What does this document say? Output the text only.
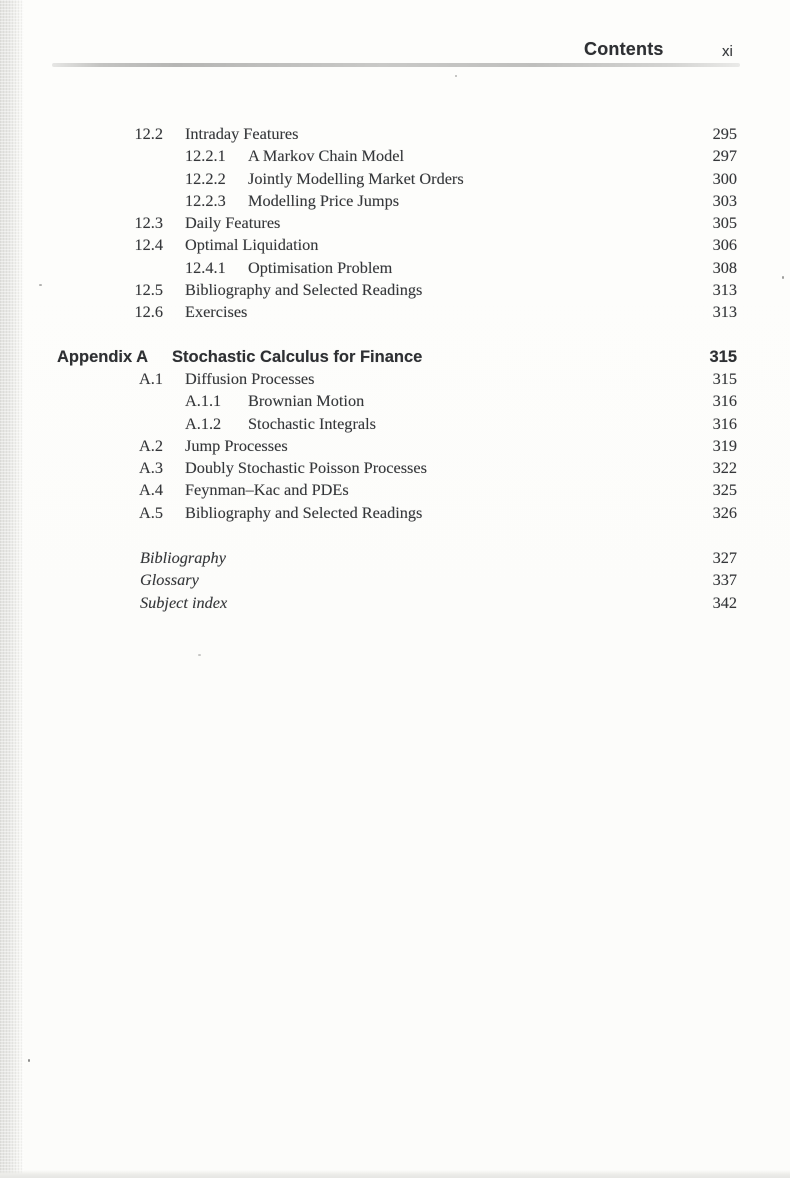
Contents	xi
12.2 Intraday Features	295
12.2.1 A Markov Chain Model	297
12.2.2 Jointly Modelling Market Orders	300
12.2.3 Modelling Price Jumps	303
12.3 Daily Features	305
12.4 Optimal Liquidation	306
12.4.1 Optimisation Problem	308
12.5 Bibliography and Selected Readings	313
12.6 Exercises	313
Appendix A Stochastic Calculus for Finance	315
A.1 Diffusion Processes	315
A.1.1 Brownian Motion	316
A.1.2 Stochastic Integrals	316
A.2 Jump Processes	319
A.3 Doubly Stochastic Poisson Processes	322
A.4 Feynman–Kac and PDEs	325
A.5 Bibliography and Selected Readings	326
Bibliography	327
Glossary	337
Subject index	342
